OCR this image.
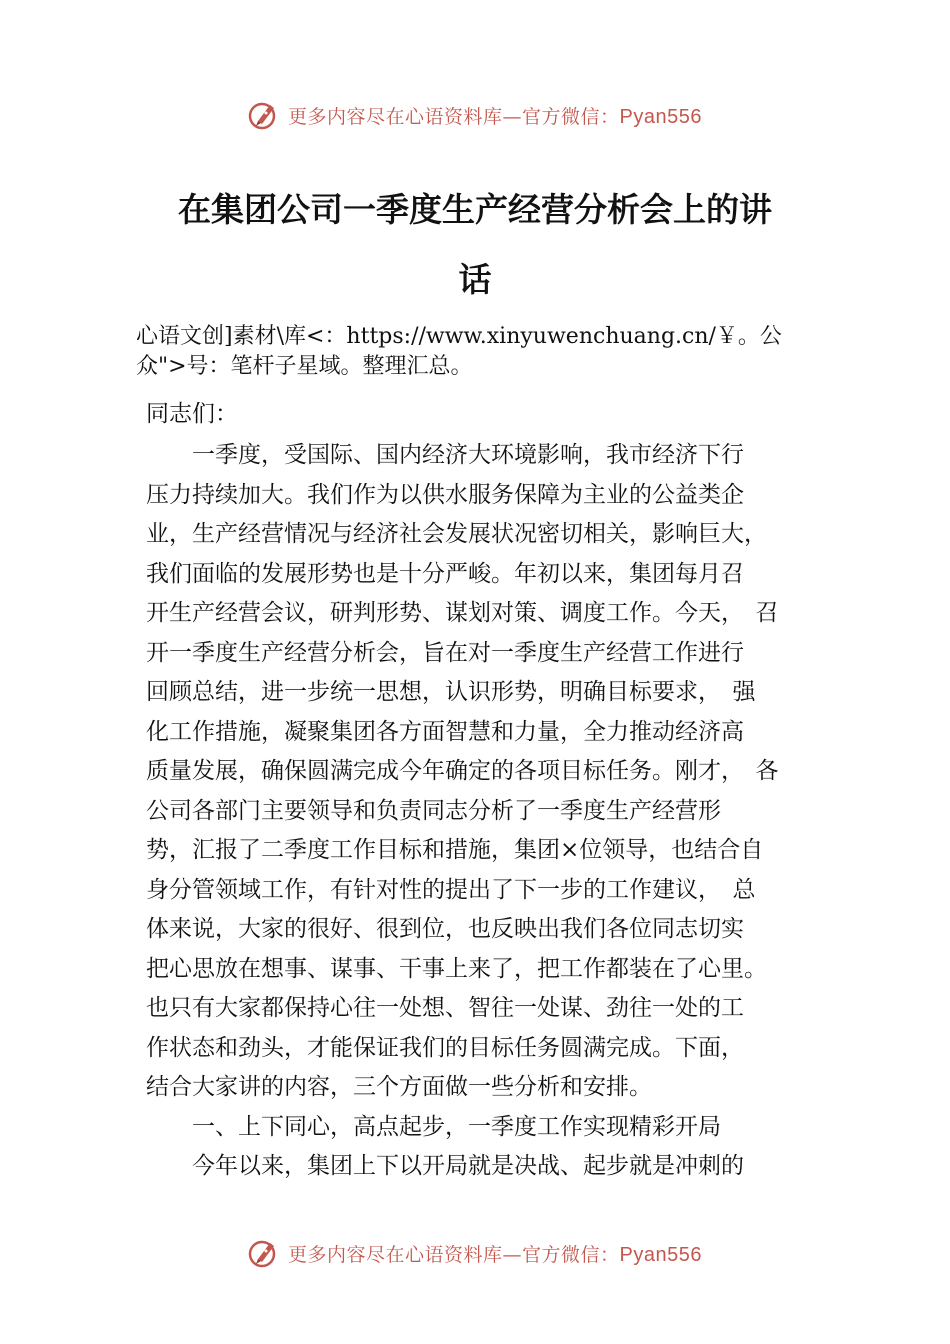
更多内容尽在心语资料库—官方微信：Pyan556
在集团公司一季度生产经营分析会上的讲
话
心语文创]素材\库<：https://www.xinyuwenchuang.cn/￥。公
众">号：笔杆子星域。整理汇总。
同志们：
　　一季度，受国际、国内经济大环境影响，我市经济下行
压力持续加大。我们作为以供水服务保障为主业的公益类企
业，生产经营情况与经济社会发展状况密切相关，影响巨大，
我们面临的发展形势也是十分严峻。年初以来，集团每月召
开生产经营会议，研判形势、谋划对策、调度工作。今天，　召
开一季度生产经营分析会，旨在对一季度生产经营工作进行
回顾总结，进一步统一思想，认识形势，明确目标要求，　强
化工作措施，凝聚集团各方面智慧和力量，全力推动经济高
质量发展，确保圆满完成今年确定的各项目标任务。刚才，　各
公司各部门主要领导和负责同志分析了一季度生产经营形
势，汇报了二季度工作目标和措施，集团×位领导，也结合自
身分管领域工作，有针对性的提出了下一步的工作建议，　总
体来说，大家的很好、很到位，也反映出我们各位同志切实
把心思放在想事、谋事、干事上来了，把工作都装在了心里。
也只有大家都保持心往一处想、智往一处谋、劲往一处的工
作状态和劲头，才能保证我们的目标任务圆满完成。下面，
结合大家讲的内容，三个方面做一些分析和安排。
　　一、上下同心，高点起步，一季度工作实现精彩开局
　　今年以来，集团上下以开局就是决战、起步就是冲刺的
更多内容尽在心语资料库—官方微信：Pyan556
